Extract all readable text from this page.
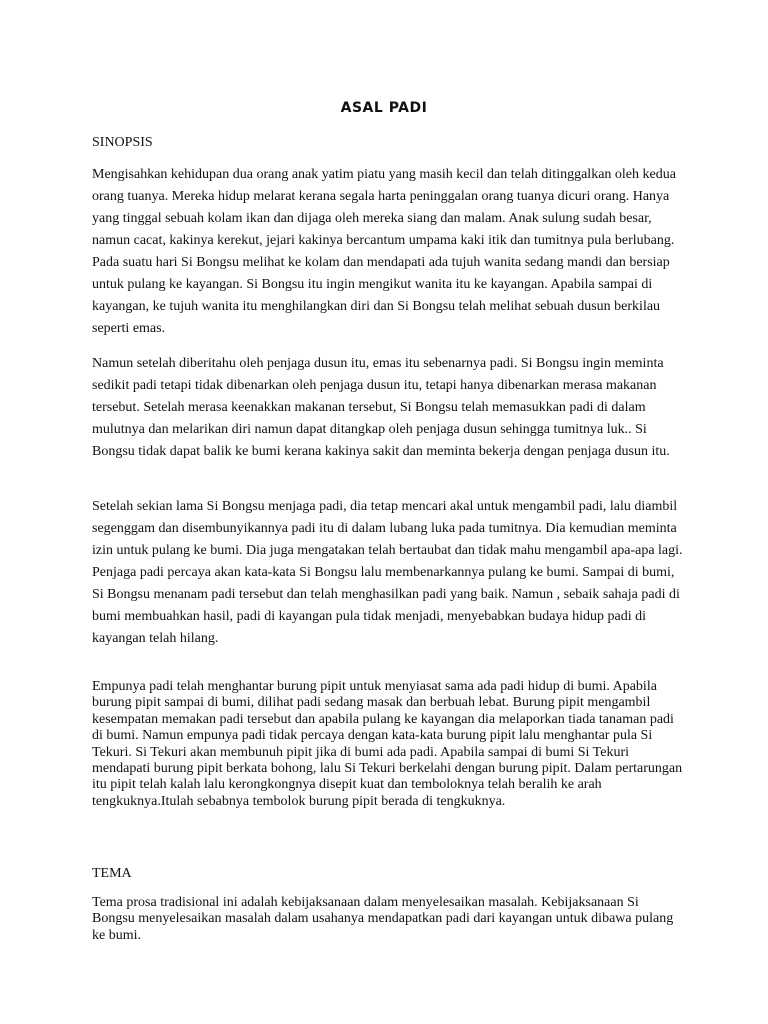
ASAL PADI
SINOPSIS

Mengisahkan kehidupan dua orang anak yatim piatu yang masih kecil dan telah ditinggalkan oleh kedua orang tuanya. Mereka hidup melarat kerana segala harta peninggalan orang tuanya dicuri orang. Hanya yang tinggal sebuah kolam ikan dan dijaga oleh mereka siang dan malam. Anak sulung sudah besar, namun cacat, kakinya kerekut, jejari kakinya bercantum umpama kaki itik dan tumitnya pula berlubang. Pada suatu hari Si Bongsu melihat ke kolam dan mendapati ada tujuh wanita sedang mandi dan bersiap untuk pulang ke kayangan. Si Bongsu itu ingin mengikut wanita itu ke kayangan. Apabila sampai di kayangan, ke tujuh wanita itu menghilangkan diri dan Si Bongsu telah melihat sebuah dusun berkilau seperti emas.

Namun setelah diberitahu oleh penjaga dusun itu, emas itu sebenarnya padi. Si Bongsu ingin meminta sedikit padi tetapi tidak dibenarkan oleh penjaga dusun itu, tetapi hanya dibenarkan merasa makanan tersebut. Setelah merasa keenakkan makanan tersebut, Si Bongsu telah memasukkan padi di dalam mulutnya dan melarikan diri namun dapat ditangkap oleh penjaga dusun sehingga tumitnya luk.. Si Bongsu tidak dapat balik ke bumi kerana kakinya sakit dan meminta bekerja dengan penjaga dusun itu.

Setelah sekian lama Si Bongsu menjaga padi, dia tetap mencari akal untuk mengambil padi, lalu diambil segenggam dan disembunyikannya padi itu di dalam lubang luka pada tumitnya. Dia kemudian meminta izin untuk pulang ke bumi. Dia juga mengatakan telah bertaubat dan tidak mahu mengambil apa-apa lagi. Penjaga padi percaya akan kata-kata Si Bongsu lalu membenarkannya pulang ke bumi. Sampai di bumi, Si Bongsu menanam padi tersebut dan telah menghasilkan padi yang baik. Namun , sebaik sahaja padi di bumi membuahkan hasil, padi di kayangan pula tidak menjadi, menyebabkan budaya hidup padi di kayangan telah hilang.

Empunya padi telah menghantar burung pipit untuk menyiasat sama ada padi hidup di bumi. Apabila burung pipit sampai di bumi, dilihat padi sedang masak dan berbuah lebat. Burung pipit mengambil kesempatan memakan padi tersebut dan apabila pulang ke kayangan dia melaporkan tiada tanaman padi di bumi. Namun empunya padi tidak percaya dengan kata-kata burung pipit lalu menghantar pula Si Tekuri. Si Tekuri akan membunuh pipit jika di bumi ada padi. Apabila sampai di bumi Si Tekuri mendapati burung pipit berkata bohong, lalu Si Tekuri berkelahi dengan burung pipit. Dalam pertarungan itu pipit telah kalah lalu kerongkongnya disepit kuat dan temboloknya telah beralih ke arah tengkuknya.Itulah sebabnya tembolok burung pipit berada di tengkuknya.

TEMA

Tema prosa tradisional ini adalah kebijaksanaan dalam menyelesaikan masalah. Kebijaksanaan Si Bongsu menyelesaikan masalah dalam usahanya mendapatkan padi dari kayangan untuk dibawa pulang ke bumi.
